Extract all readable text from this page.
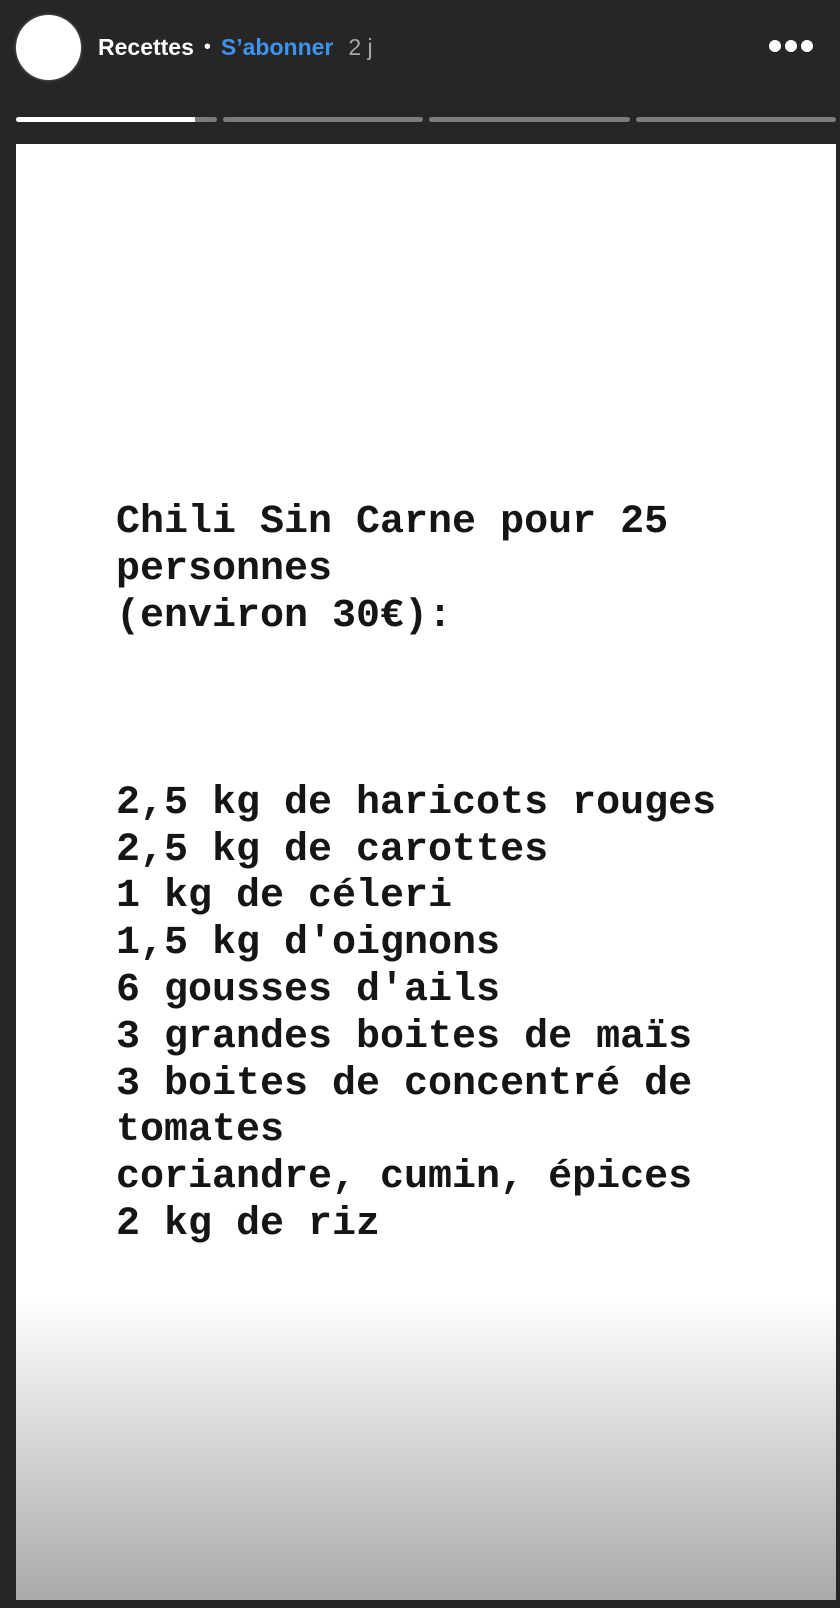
Recettes • S’abonner 2 j
Chili Sin Carne pour 25
personnes
(environ 30€):
2,5 kg de haricots rouges
2,5 kg de carottes
1 kg de céleri
1,5 kg d'oignons
6 gousses d'ails
3 grandes boites de maïs
3 boites de concentré de
tomates
coriandre, cumin, épices
2 kg de riz
